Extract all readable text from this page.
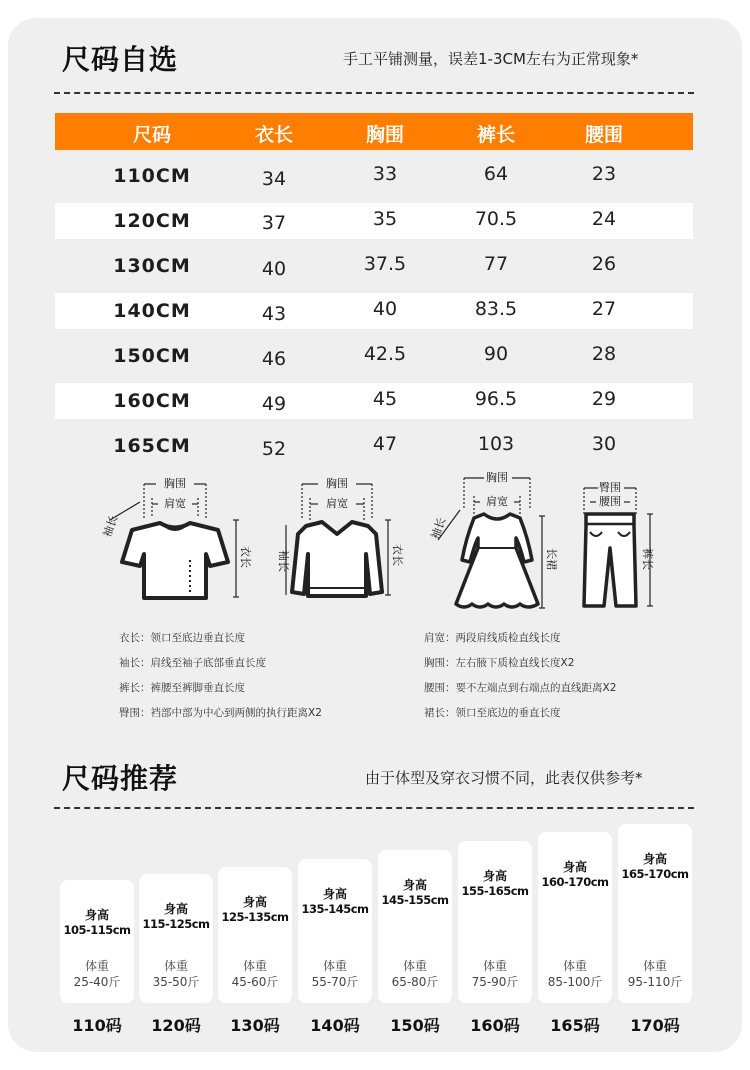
尺码自选	手工平铺测量，误差1-3CM左右为正常现象*
尺码	衣长	胸围	裤长	腰围
110CM	34	33	64	23
120CM	37	35	70.5	24
130CM	40	37.5	77	26
140CM	43	40	83.5	27
150CM	46	42.5	90	28
160CM	49	45	96.5	29
165CM	52	47	103	30
胸围
肩宽
袖长
衣长
胸围
肩宽
袖长	衣长
胸围
肩宽
袖长
长裙
臀围
腰围
裤长
衣长：领口至底边垂直长度
袖长：肩线至袖子底部垂直长度
裤长：裤腰至裤脚垂直长度
臀围：裆部中部为中心到两侧的执行距离X2
肩宽：两段肩线质检直线长度
胸围：左右腋下质检直线长度X2
腰围：要不左端点到右端点的直线距离X2
裙长：领口至底边的垂直长度
尺码推荐	由于体型及穿衣习惯不同，此表仅供参考*
身高
105-115cm
体重
25-40斤
110码
身高
115-125cm
体重
35-50斤
120码
身高
125-135cm
体重
45-60斤
130码
身高
135-145cm
体重
55-70斤
140码
身高
145-155cm
体重
65-80斤
150码
身高
155-165cm
体重
75-90斤
160码
身高
160-170cm
体重
85-100斤
165码
身高
165-170cm
体重
95-110斤
170码
